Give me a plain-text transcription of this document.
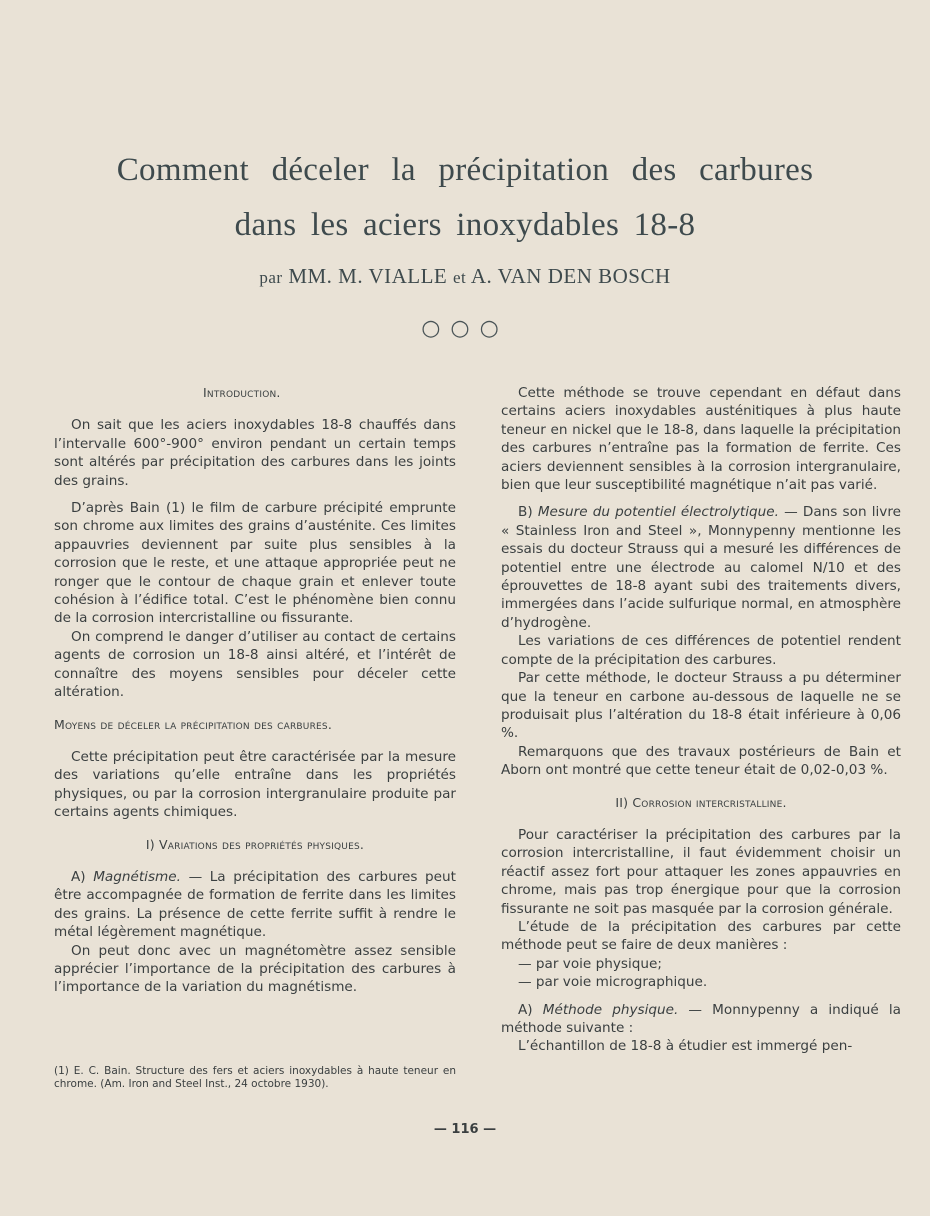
Comment déceler la précipitation des carbures
dans les aciers inoxydables 18-8
par MM. M. VIALLE et A. VAN DEN BOSCH
○○○

Introduction.

On sait que les aciers inoxydables 18-8 chauffés dans l’intervalle 600°-900° environ pendant un certain temps sont altérés par précipitation des carbures dans les joints des grains.

D’après Bain (1) le film de carbure précipité emprunte son chrome aux limites des grains d’austénite. Ces limites appauvries deviennent par suite plus sensibles à la corrosion que le reste, et une attaque appropriée peut ne ronger que le contour de chaque grain et enlever toute cohésion à l’édifice total. C’est le phénomène bien connu de la corrosion intercristalline ou fissurante.

On comprend le danger d’utiliser au contact de certains agents de corrosion un 18-8 ainsi altéré, et l’intérêt de connaître des moyens sensibles pour déceler cette altération.

Moyens de déceler la précipitation des carbures.

Cette précipitation peut être caractérisée par la mesure des variations qu’elle entraîne dans les propriétés physiques, ou par la corrosion intergranulaire produite par certains agents chimiques.

I) Variations des propriétés physiques.

A) Magnétisme. — La précipitation des carbures peut être accompagnée de formation de ferrite dans les limites des grains. La présence de cette ferrite suffit à rendre le métal légèrement magnétique.

On peut donc avec un magnétomètre assez sensible apprécier l’importance de la précipitation des carbures à l’importance de la variation du magnétisme.

(1) E. C. Bain. Structure des fers et aciers inoxydables à haute teneur en chrome. (Am. Iron and Steel Inst., 24 octobre 1930).

Cette méthode se trouve cependant en défaut dans certains aciers inoxydables austénitiques à plus haute teneur en nickel que le 18-8, dans laquelle la précipitation des carbures n’entraîne pas la formation de ferrite. Ces aciers deviennent sensibles à la corrosion intergranulaire, bien que leur susceptibilité magnétique n’ait pas varié.

B) Mesure du potentiel électrolytique. — Dans son livre « Stainless Iron and Steel », Monnypenny mentionne les essais du docteur Strauss qui a mesuré les différences de potentiel entre une électrode au calomel N/10 et des éprouvettes de 18-8 ayant subi des traitements divers, immergées dans l’acide sulfurique normal, en atmosphère d’hydrogène.

Les variations de ces différences de potentiel rendent compte de la précipitation des carbures.

Par cette méthode, le docteur Strauss a pu déterminer que la teneur en carbone au-dessous de laquelle ne se produisait plus l’altération du 18-8 était inférieure à 0,06 %.

Remarquons que des travaux postérieurs de Bain et Aborn ont montré que cette teneur était de 0,02-0,03 %.

II) Corrosion intercristalline.

Pour caractériser la précipitation des carbures par la corrosion intercristalline, il faut évidemment choisir un réactif assez fort pour attaquer les zones appauvries en chrome, mais pas trop énergique pour que la corrosion fissurante ne soit pas masquée par la corrosion générale.

L’étude de la précipitation des carbures par cette méthode peut se faire de deux manières :

— par voie physique;

— par voie micrographique.

A) Méthode physique. — Monnypenny a indiqué la méthode suivante :

L’échantillon de 18-8 à étudier est immergé pen-

— 116 —
